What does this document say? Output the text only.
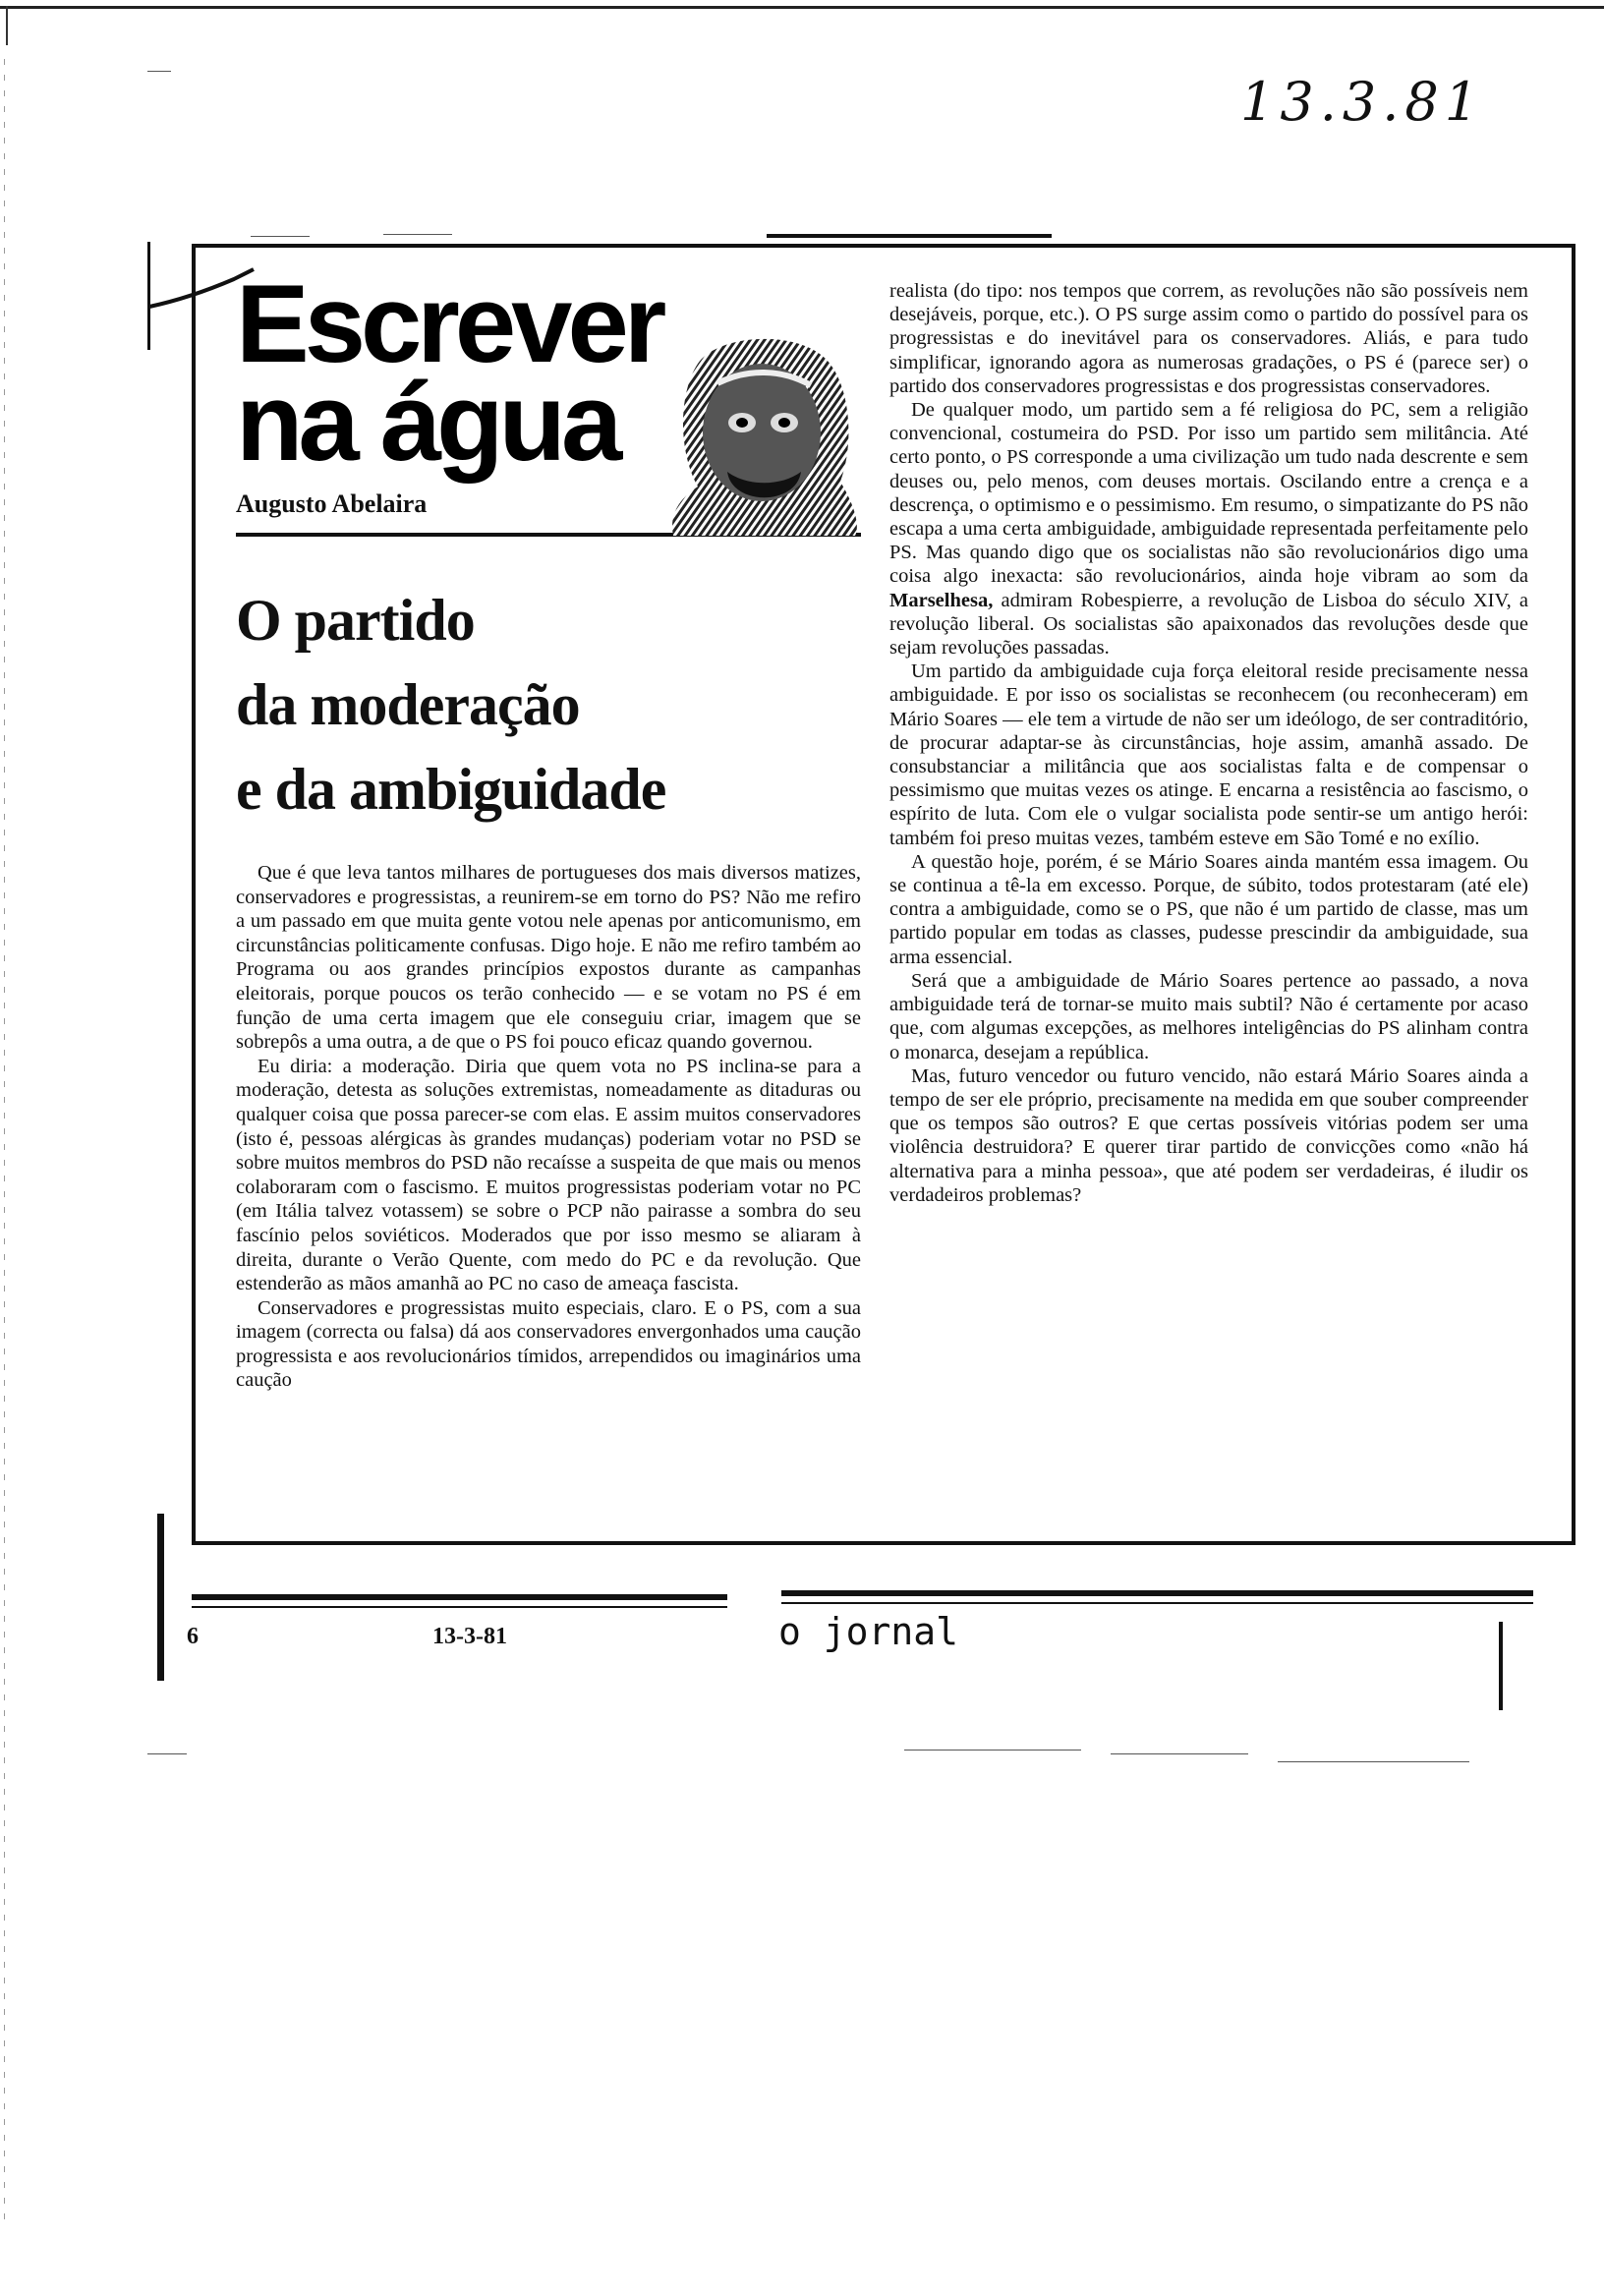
13.3.81
Escrever
na água
Augusto Abelaira
O partido
da moderação
e da ambiguidade

Que é que leva tantos milhares de portugueses dos mais diversos matizes, conservadores e progressistas, a reunirem-se em torno do PS? Não me refiro a um passado em que muita gente votou nele apenas por anticomunismo, em circunstâncias politicamente confusas. Digo hoje. E não me refiro também ao Programa ou aos grandes princípios expostos durante as campanhas eleitorais, porque poucos os terão conhecido — e se votam no PS é em função de uma certa imagem que ele conseguiu criar, imagem que se sobrepôs a uma outra, a de que o PS foi pouco eficaz quando governou.

Eu diria: a moderação. Diria que quem vota no PS inclina-se para a moderação, detesta as soluções extremistas, nomeadamente as ditaduras ou qualquer coisa que possa parecer-se com elas. E assim muitos conservadores (isto é, pessoas alérgicas às grandes mudanças) poderiam votar no PSD se sobre muitos membros do PSD não recaísse a suspeita de que mais ou menos colaboraram com o fascismo. E muitos progressistas poderiam votar no PC (em Itália talvez votassem) se sobre o PCP não pairasse a sombra do seu fascínio pelos soviéticos. Moderados que por isso mesmo se aliaram à direita, durante o Verão Quente, com medo do PC e da revolução. Que estenderão as mãos amanhã ao PC no caso de ameaça fascista.

Conservadores e progressistas muito especiais, claro. E o PS, com a sua imagem (correcta ou falsa) dá aos conservadores envergonhados uma caução progressista e aos revolucionários tímidos, arrependidos ou imaginários uma caução

realista (do tipo: nos tempos que correm, as revoluções não são possíveis nem desejáveis, porque, etc.). O PS surge assim como o partido do possível para os progressistas e do inevitável para os conservadores. Aliás, e para tudo simplificar, ignorando agora as numerosas gradações, o PS é (parece ser) o partido dos conservadores progressistas e dos progressistas conservadores.

De qualquer modo, um partido sem a fé religiosa do PC, sem a religião convencional, costumeira do PSD. Por isso um partido sem militância. Até certo ponto, o PS corresponde a uma civilização um tudo nada descrente e sem deuses ou, pelo menos, com deuses mortais. Oscilando entre a crença e a descrença, o optimismo e o pessimismo. Em resumo, o simpatizante do PS não escapa a uma certa ambiguidade, ambiguidade representada perfeitamente pelo PS. Mas quando digo que os socialistas não são revolucionários digo uma coisa algo inexacta: são revolucionários, ainda hoje vibram ao som da Marselhesa, admiram Robespierre, a revolução de Lisboa do século XIV, a revolução liberal. Os socialistas são apaixonados das revoluções desde que sejam revoluções passadas.

Um partido da ambiguidade cuja força eleitoral reside precisamente nessa ambiguidade. E por isso os socialistas se reconhecem (ou reconheceram) em Mário Soares — ele tem a virtude de não ser um ideólogo, de ser contraditório, de procurar adaptar-se às circunstâncias, hoje assim, amanhã assado. De consubstanciar a militância que aos socialistas falta e de compensar o pessimismo que muitas vezes os atinge. E encarna a resistência ao fascismo, o espírito de luta. Com ele o vulgar socialista pode sentir-se um antigo herói: também foi preso muitas vezes, também esteve em São Tomé e no exílio.

A questão hoje, porém, é se Mário Soares ainda mantém essa imagem. Ou se continua a tê-la em excesso. Porque, de súbito, todos protestaram (até ele) contra a ambiguidade, como se o PS, que não é um partido de classe, mas um partido popular em todas as classes, pudesse prescindir da ambiguidade, sua arma essencial.

Será que a ambiguidade de Mário Soares pertence ao passado, a nova ambiguidade terá de tornar-se muito mais subtil? Não é certamente por acaso que, com algumas excepções, as melhores inteligências do PS alinham contra o monarca, desejam a república.

Mas, futuro vencedor ou futuro vencido, não estará Mário Soares ainda a tempo de ser ele próprio, precisamente na medida em que souber compreender que os tempos são outros? E que certas possíveis vitórias podem ser uma violência destruidora? E querer tirar partido de convicções como «não há alternativa para a minha pessoa», que até podem ser verdadeiras, é iludir os verdadeiros problemas?

6	13-3-81	o jornal
